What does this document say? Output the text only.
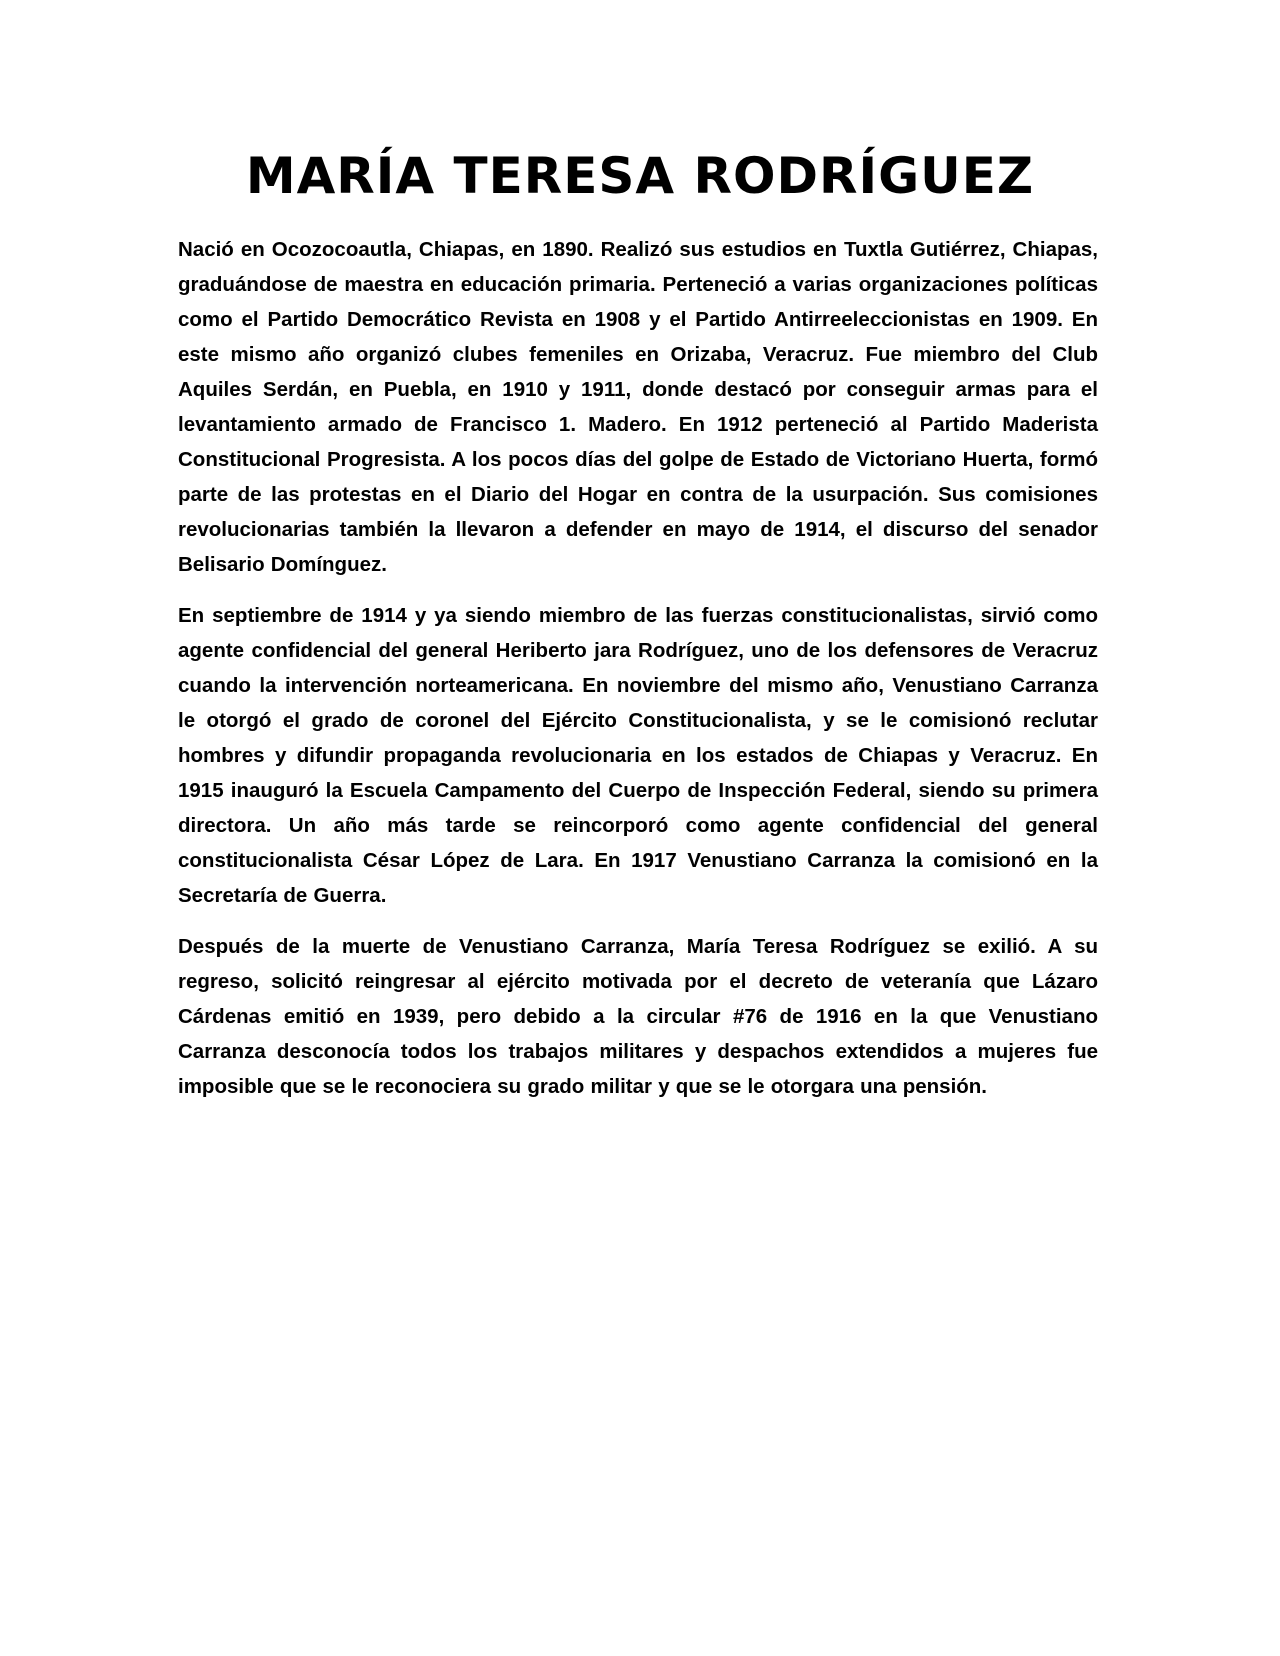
MARÍA TERESA RODRÍGUEZ

Nació en Ocozocoautla, Chiapas, en 1890. Realizó sus estudios en Tuxtla Gutiérrez, Chiapas, graduándose de maestra en educación primaria. Perteneció a varias organizaciones políticas como el Partido Democrático Revista en 1908 y el Partido Antirreeleccionistas en 1909. En este mismo año organizó clubes femeniles en Orizaba, Veracruz. Fue miembro del Club Aquiles Serdán, en Puebla, en 1910 y 1911, donde destacó por conseguir armas para el levantamiento armado de Francisco 1. Madero. En 1912 perteneció al Partido Maderista Constitucional Progresista. A los pocos días del golpe de Estado de Victoriano Huerta, formó parte de las protestas en el Diario del Hogar en contra de la usurpación. Sus comisiones revolucionarias también la llevaron a defender en mayo de 1914, el discurso del senador Belisario Domínguez.

En septiembre de 1914 y ya siendo miembro de las fuerzas constitucionalistas, sirvió como agente confidencial del general Heriberto jara Rodríguez, uno de los defensores de Veracruz cuando la intervención norteamericana. En noviembre del mismo año, Venustiano Carranza le otorgó el grado de coronel del Ejército Constitucionalista, y se le comisionó reclutar hombres y difundir propaganda revolucionaria en los estados de Chiapas y Veracruz. En 1915 inauguró la Escuela Campamento del Cuerpo de Inspección Federal, siendo su primera directora. Un año más tarde se reincorporó como agente confidencial del general constitucionalista César López de Lara. En 1917 Venustiano Carranza la comisionó en la Secretaría de Guerra.

Después de la muerte de Venustiano Carranza, María Teresa Rodríguez se exilió. A su regreso, solicitó reingresar al ejército motivada por el decreto de veteranía que Lázaro Cárdenas emitió en 1939, pero debido a la circular #76 de 1916 en la que Venustiano Carranza desconocía todos los trabajos militares y despachos extendidos a mujeres fue imposible que se le reconociera su grado militar y que se le otorgara una pensión.
